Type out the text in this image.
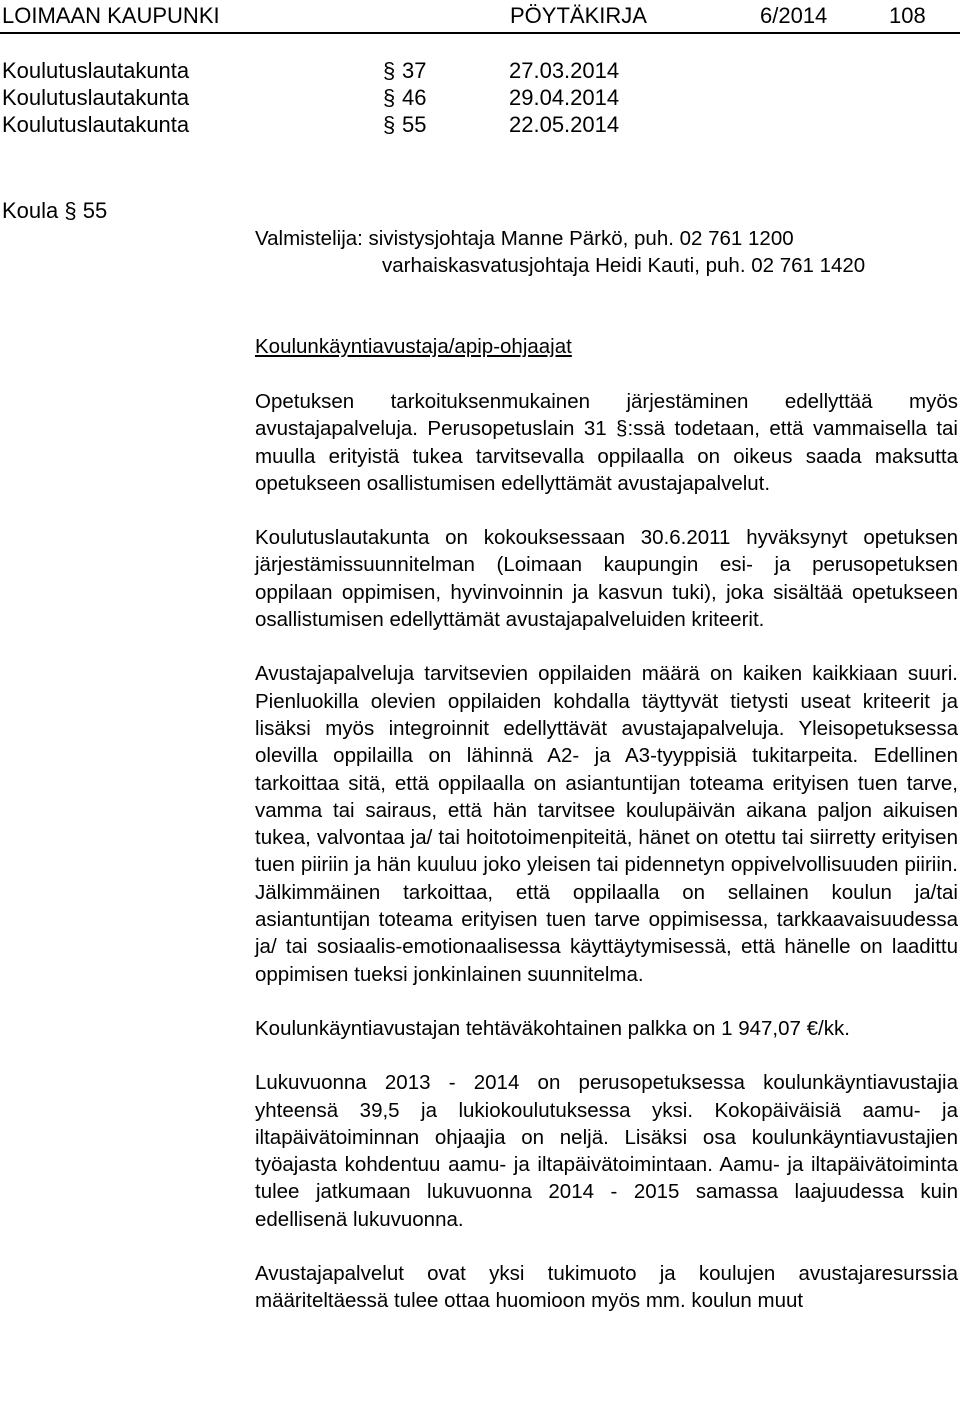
LOIMAAN KAUPUNKI	PÖYTÄKIRJA	6/2014	108
Koulutuslautakunta	§ 37	27.03.2014
Koulutuslautakunta	§ 46	29.04.2014
Koulutuslautakunta	§ 55	22.05.2014
Koula § 55
Valmistelija: sivistysjohtaja Manne Pärkö, puh. 02 761 1200
varhaiskasvatusjohtaja Heidi Kauti, puh. 02 761 1420
Koulunkäyntiavustaja/apip-ohjaajat

Opetuksen tarkoituksenmukainen järjestäminen edellyttää myös avustajapalveluja. Perusopetuslain 31 §:ssä todetaan, että vammaisella tai muulla erityistä tukea tarvitsevalla oppilaalla on oikeus saada maksutta opetukseen osallistumisen edellyttämät avustajapalvelut.

Koulutuslautakunta on kokouksessaan 30.6.2011 hyväksynyt opetuksen järjestämissuunnitelman (Loimaan kaupungin esi- ja perusopetuksen oppilaan oppimisen, hyvinvoinnin ja kasvun tuki), joka sisältää opetukseen osallistumisen edellyttämät avustajapalveluiden kriteerit.

Avustajapalveluja tarvitsevien oppilaiden määrä on kaiken kaikkiaan suuri. Pienluokilla olevien oppilaiden kohdalla täyttyvät tietysti useat kriteerit ja lisäksi myös integroinnit edellyttävät avustajapalveluja. Yleisopetuksessa olevilla oppilailla on lähinnä A2- ja A3-tyyppisiä tukitarpeita. Edellinen tarkoittaa sitä, että oppilaalla on asiantuntijan toteama erityisen tuen tarve, vamma tai sairaus, että hän tarvitsee koulupäivän aikana paljon aikuisen tukea, valvontaa ja/ tai hoitotoimenpiteitä, hänet on otettu tai siirretty erityisen tuen piiriin ja hän kuuluu joko yleisen tai pidennetyn oppivelvollisuuden piiriin. Jälkimmäinen tarkoittaa, että oppilaalla on sellainen koulun ja/tai asiantuntijan toteama erityisen tuen tarve oppimisessa, tarkkaavaisuudessa ja/ tai sosiaalis-emotionaalisessa käyttäytymisessä, että hänelle on laadittu oppimisen tueksi jonkinlainen suunnitelma.

Koulunkäyntiavustajan tehtäväkohtainen palkka on 1 947,07 €/kk.

Lukuvuonna 2013 - 2014 on perusopetuksessa koulunkäyntiavustajia yhteensä 39,5 ja lukiokoulutuksessa yksi. Kokopäiväisiä aamu- ja iltapäivätoiminnan ohjaajia on neljä. Lisäksi osa koulunkäyntiavustajien työajasta kohdentuu aamu- ja iltapäivätoimintaan. Aamu- ja iltapäivätoiminta tulee jatkumaan lukuvuonna 2014 - 2015 samassa laajuudessa kuin edellisenä lukuvuonna.

Avustajapalvelut ovat yksi tukimuoto ja koulujen avustajaresurssia määriteltäessä tulee ottaa huomioon myös mm. koulun muut
